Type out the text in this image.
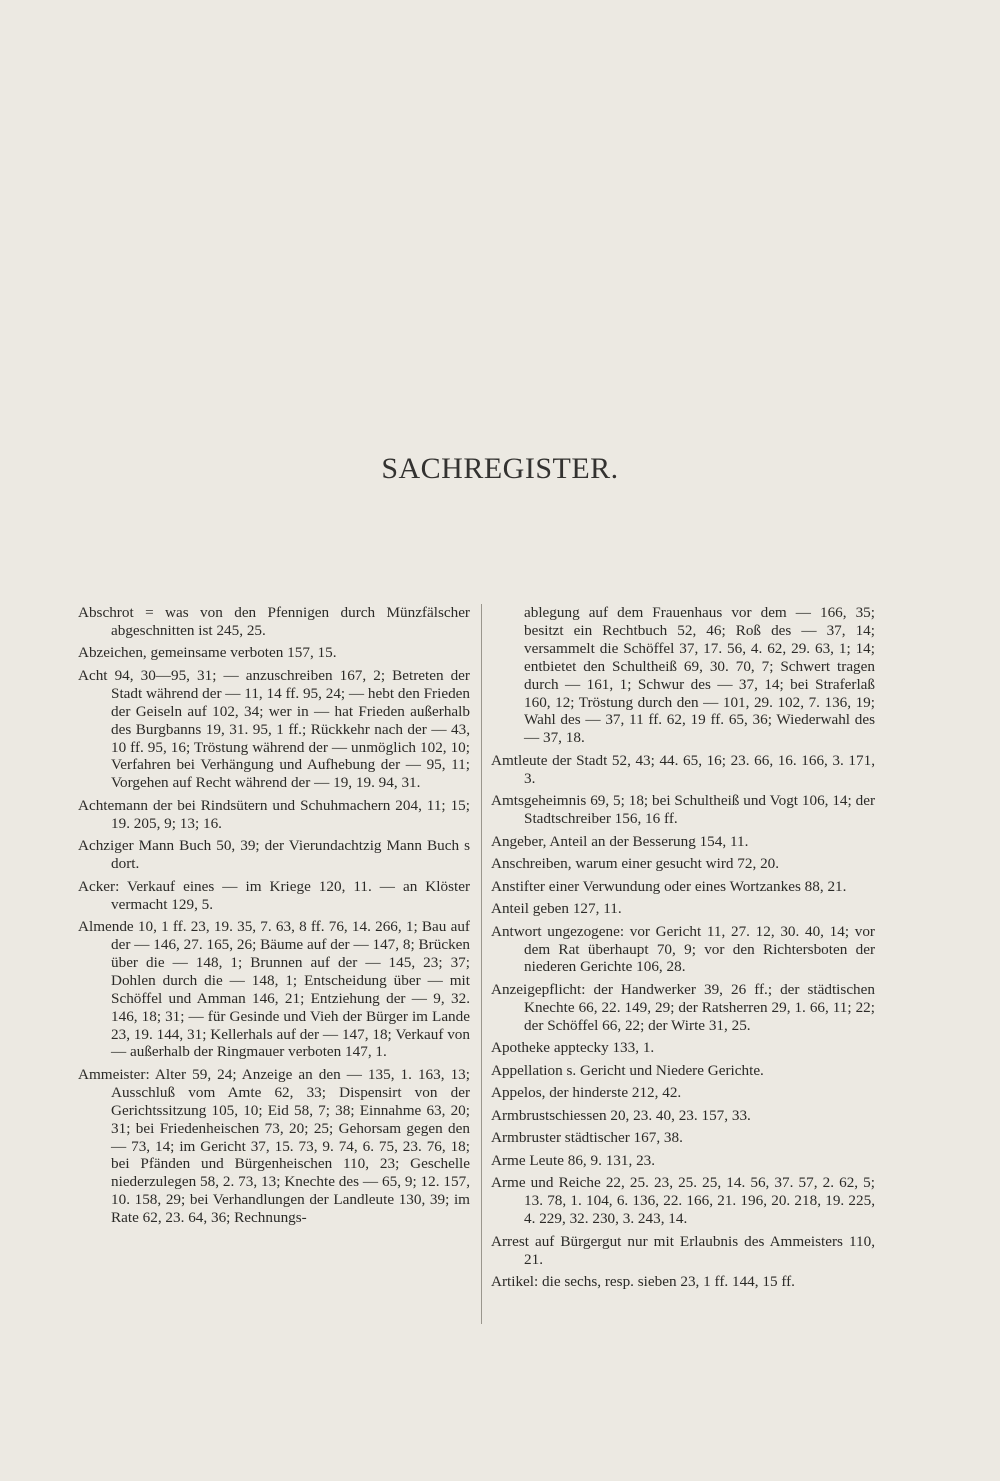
SACHREGISTER.

Abschrot = was von den Pfennigen durch Münzfälscher abgeschnitten ist 245, 25.

Abzeichen, gemeinsame verboten 157, 15.

Acht 94, 30—95, 31; — anzuschreiben 167, 2; Betreten der Stadt während der — 11, 14 ff. 95, 24; — hebt den Frieden der Geiseln auf 102, 34; wer in — hat Frieden außerhalb des Burgbanns 19, 31. 95, 1 ff.; Rückkehr nach der — 43, 10 ff. 95, 16; Tröstung während der — unmöglich 102, 10; Verfahren bei Verhängung und Aufhebung der — 95, 11; Vorgehen auf Recht während der — 19, 19. 94, 31.

Achtemann der bei Rindsütern und Schuhmachern 204, 11; 15; 19. 205, 9; 13; 16.

Achziger Mann Buch 50, 39; der Vierundachtzig Mann Buch s dort.

Acker: Verkauf eines — im Kriege 120, 11. — an Klöster vermacht 129, 5.

Almende 10, 1 ff. 23, 19. 35, 7. 63, 8 ff. 76, 14. 266, 1; Bau auf der — 146, 27. 165, 26; Bäume auf der — 147, 8; Brücken über die — 148, 1; Brunnen auf der — 145, 23; 37; Dohlen durch die — 148, 1; Entscheidung über — mit Schöffel und Amman 146, 21; Entziehung der — 9, 32. 146, 18; 31; — für Gesinde und Vieh der Bürger im Lande 23, 19. 144, 31; Kellerhals auf der — 147, 18; Verkauf von — außerhalb der Ringmauer verboten 147, 1.

Ammeister: Alter 59, 24; Anzeige an den — 135, 1. 163, 13; Ausschluß vom Amte 62, 33; Dispensirt von der Gerichtssitzung 105, 10; Eid 58, 7; 38; Einnahme 63, 20; 31; bei Friedenheischen 73, 20; 25; Gehorsam gegen den — 73, 14; im Gericht 37, 15. 73, 9. 74, 6. 75, 23. 76, 18; bei Pfänden und Bürgenheischen 110, 23; Geschelle niederzulegen 58, 2. 73, 13; Knechte des — 65, 9; 12. 157, 10. 158, 29; bei Verhandlungen der Landleute 130, 39; im Rate 62, 23. 64, 36; Rechnungs-

ablegung auf dem Frauenhaus vor dem — 166, 35; besitzt ein Rechtbuch 52, 46; Roß des — 37, 14; versammelt die Schöffel 37, 17. 56, 4. 62, 29. 63, 1; 14; entbietet den Schultheiß 69, 30. 70, 7; Schwert tragen durch — 161, 1; Schwur des — 37, 14; bei Straferlaß 160, 12; Tröstung durch den — 101, 29. 102, 7. 136, 19; Wahl des — 37, 11 ff. 62, 19 ff. 65, 36; Wiederwahl des — 37, 18.

Amtleute der Stadt 52, 43; 44. 65, 16; 23. 66, 16. 166, 3. 171, 3.

Amtsgeheimnis 69, 5; 18; bei Schultheiß und Vogt 106, 14; der Stadtschreiber 156, 16 ff.

Angeber, Anteil an der Besserung 154, 11.

Anschreiben, warum einer gesucht wird 72, 20.

Anstifter einer Verwundung oder eines Wortzankes 88, 21.

Anteil geben 127, 11.

Antwort ungezogene: vor Gericht 11, 27. 12, 30. 40, 14; vor dem Rat überhaupt 70, 9; vor den Richtersboten der niederen Gerichte 106, 28.

Anzeigepflicht: der Handwerker 39, 26 ff.; der städtischen Knechte 66, 22. 149, 29; der Ratsherren 29, 1. 66, 11; 22; der Schöffel 66, 22; der Wirte 31, 25.

Apotheke apptecky 133, 1.

Appellation s. Gericht und Niedere Gerichte.

Appelos, der hinderste 212, 42.

Armbrustschiessen 20, 23. 40, 23. 157, 33.

Armbruster städtischer 167, 38.

Arme Leute 86, 9. 131, 23.

Arme und Reiche 22, 25. 23, 25. 25, 14. 56, 37. 57, 2. 62, 5; 13. 78, 1. 104, 6. 136, 22. 166, 21. 196, 20. 218, 19. 225, 4. 229, 32. 230, 3. 243, 14.

Arrest auf Bürgergut nur mit Erlaubnis des Ammeisters 110, 21.

Artikel: die sechs, resp. sieben 23, 1 ff. 144, 15 ff.
